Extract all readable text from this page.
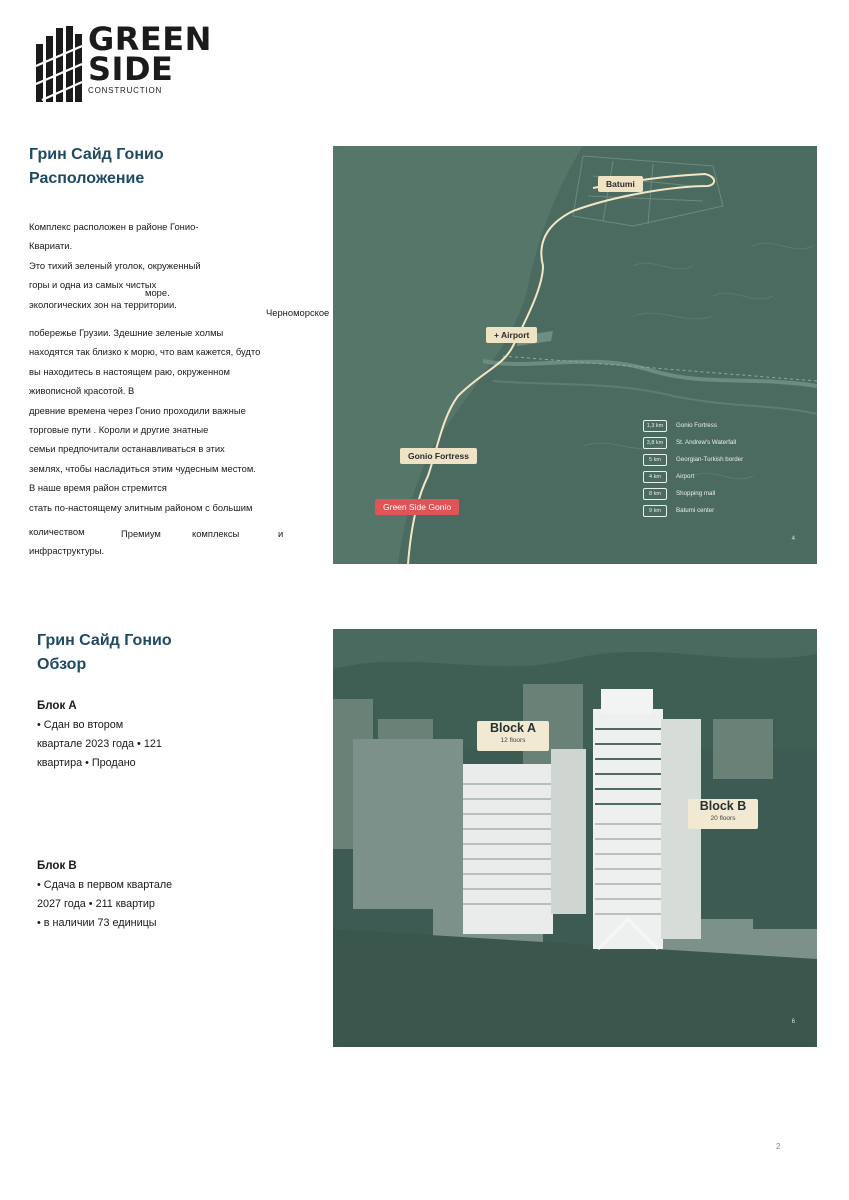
GREEN
SIDE
CONSTRUCTION
Грин Сайд Гонио
Расположение
Комплекс расположен в районе Гонио-
Квариати.
Это тихий зеленый уголок, окруженный
горы и одна из самых чистых
экологических зон на территории.
море.
Черноморское
побережье Грузии. Здешние зеленые холмы
находятся так близко к морю, что вам кажется, будто
вы находитесь в настоящем раю, окруженном
живописной красотой. В
древние времена через Гонио проходили важные
торговые пути . Короли и другие знатные
семьи предпочитали останавливаться в этих
землях, чтобы насладиться этим чудесным местом.
В наше время район стремится
стать по-настоящему элитным районом с большим
количеством	Премиум	комплексы	и
инфраструктуры.
Batumi
+ Airport
Gonio Fortress
Green Side Gonio
1,3 km	Gonio Fortress
3,8 km	St. Andrew's Waterfall
5 km	Georgian-Turkish border
4 km	Airport
8 km	Shopping mall
9 km	Batumi center
4
Грин Сайд Гонио
Обзор
Блок А
• Сдан во втором
квартале 2023 года • 121
квартира • Продано
Блок В
• Сдача в первом квартале
2027 года • 211 квартир
• в наличии 73 единицы
Block A
12 floors
Block B
20 floors
6
2
